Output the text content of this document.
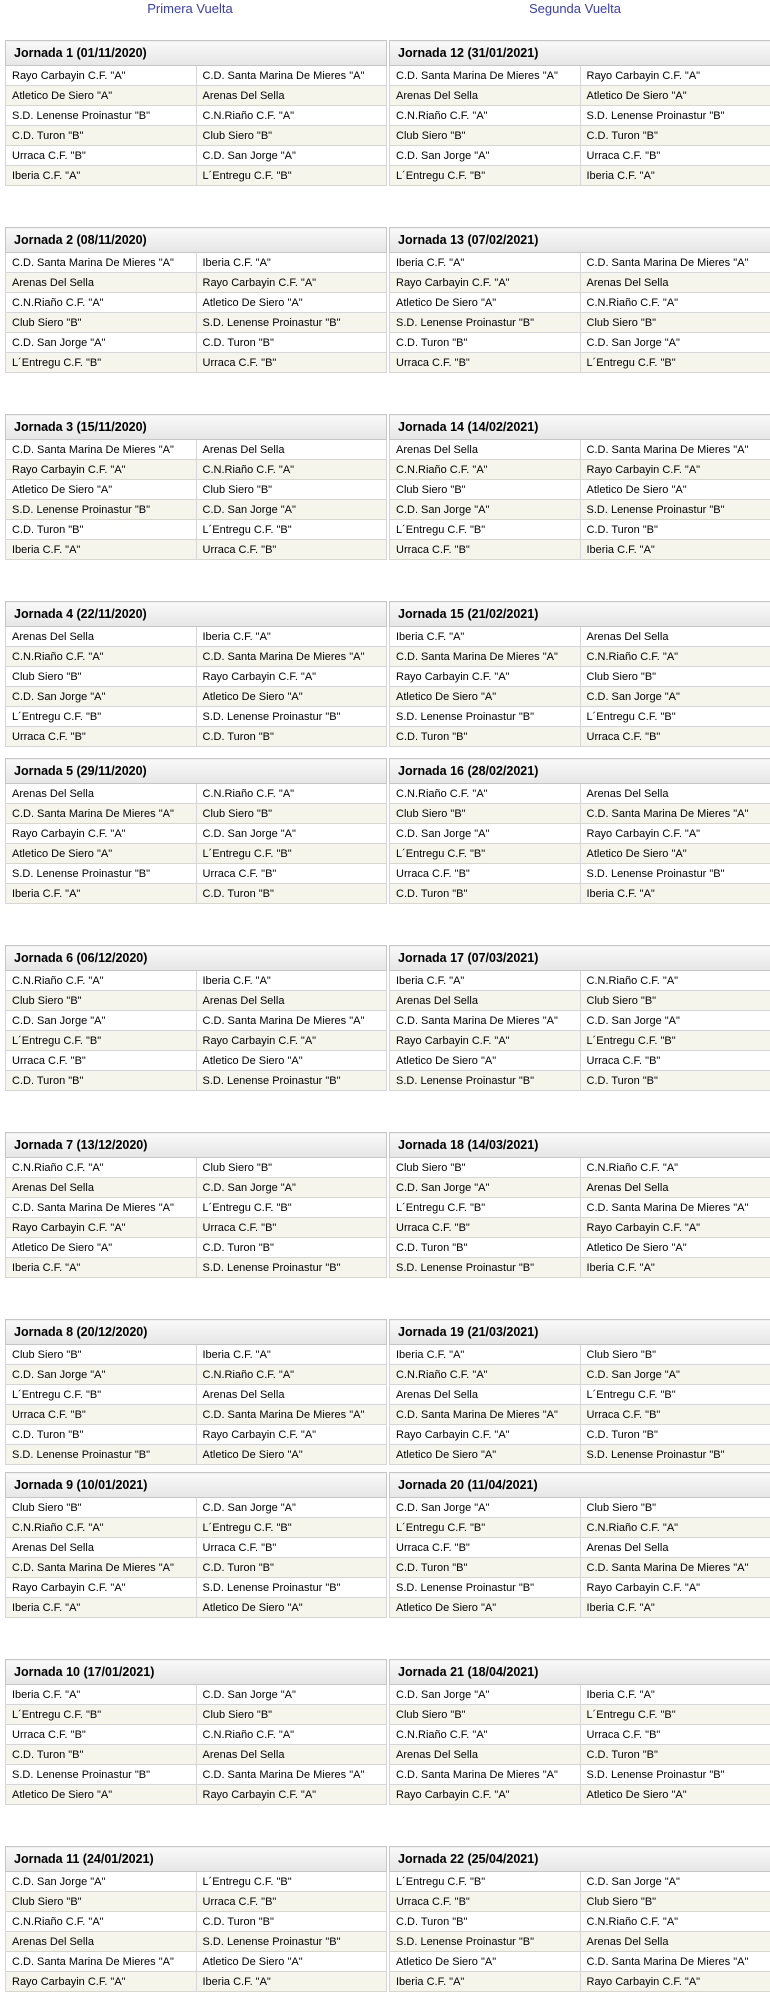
Primera Vuelta	Segunda Vuelta
Jornada 1 (01/11/2020)	
Rayo Carbayin C.F. "A"	C.D. Santa Marina De Mieres "A"
Atletico De Siero "A"	Arenas Del Sella
S.D. Lenense Proinastur "B"	C.N.Riaño C.F. "A"
C.D. Turon "B"	Club Siero "B"
Urraca C.F. "B"	C.D. San Jorge "A"
Iberia C.F. "A"	L´Entregu C.F. "B"
Jornada 12 (31/01/2021)	
C.D. Santa Marina De Mieres "A"	Rayo Carbayin C.F. "A"
Arenas Del Sella	Atletico De Siero "A"
C.N.Riaño C.F. "A"	S.D. Lenense Proinastur "B"
Club Siero "B"	C.D. Turon "B"
C.D. San Jorge "A"	Urraca C.F. "B"
L´Entregu C.F. "B"	Iberia C.F. "A"
Jornada 2 (08/11/2020)	
C.D. Santa Marina De Mieres "A"	Iberia C.F. "A"
Arenas Del Sella	Rayo Carbayin C.F. "A"
C.N.Riaño C.F. "A"	Atletico De Siero "A"
Club Siero "B"	S.D. Lenense Proinastur "B"
C.D. San Jorge "A"	C.D. Turon "B"
L´Entregu C.F. "B"	Urraca C.F. "B"
Jornada 13 (07/02/2021)	
Iberia C.F. "A"	C.D. Santa Marina De Mieres "A"
Rayo Carbayin C.F. "A"	Arenas Del Sella
Atletico De Siero "A"	C.N.Riaño C.F. "A"
S.D. Lenense Proinastur "B"	Club Siero "B"
C.D. Turon "B"	C.D. San Jorge "A"
Urraca C.F. "B"	L´Entregu C.F. "B"
Jornada 3 (15/11/2020)	
C.D. Santa Marina De Mieres "A"	Arenas Del Sella
Rayo Carbayin C.F. "A"	C.N.Riaño C.F. "A"
Atletico De Siero "A"	Club Siero "B"
S.D. Lenense Proinastur "B"	C.D. San Jorge "A"
C.D. Turon "B"	L´Entregu C.F. "B"
Iberia C.F. "A"	Urraca C.F. "B"
Jornada 14 (14/02/2021)	
Arenas Del Sella	C.D. Santa Marina De Mieres "A"
C.N.Riaño C.F. "A"	Rayo Carbayin C.F. "A"
Club Siero "B"	Atletico De Siero "A"
C.D. San Jorge "A"	S.D. Lenense Proinastur "B"
L´Entregu C.F. "B"	C.D. Turon "B"
Urraca C.F. "B"	Iberia C.F. "A"
Jornada 4 (22/11/2020)	
Arenas Del Sella	Iberia C.F. "A"
C.N.Riaño C.F. "A"	C.D. Santa Marina De Mieres "A"
Club Siero "B"	Rayo Carbayin C.F. "A"
C.D. San Jorge "A"	Atletico De Siero "A"
L´Entregu C.F. "B"	S.D. Lenense Proinastur "B"
Urraca C.F. "B"	C.D. Turon "B"
Jornada 15 (21/02/2021)	
Iberia C.F. "A"	Arenas Del Sella
C.D. Santa Marina De Mieres "A"	C.N.Riaño C.F. "A"
Rayo Carbayin C.F. "A"	Club Siero "B"
Atletico De Siero "A"	C.D. San Jorge "A"
S.D. Lenense Proinastur "B"	L´Entregu C.F. "B"
C.D. Turon "B"	Urraca C.F. "B"
Jornada 5 (29/11/2020)	
Arenas Del Sella	C.N.Riaño C.F. "A"
C.D. Santa Marina De Mieres "A"	Club Siero "B"
Rayo Carbayin C.F. "A"	C.D. San Jorge "A"
Atletico De Siero "A"	L´Entregu C.F. "B"
S.D. Lenense Proinastur "B"	Urraca C.F. "B"
Iberia C.F. "A"	C.D. Turon "B"
Jornada 16 (28/02/2021)	
C.N.Riaño C.F. "A"	Arenas Del Sella
Club Siero "B"	C.D. Santa Marina De Mieres "A"
C.D. San Jorge "A"	Rayo Carbayin C.F. "A"
L´Entregu C.F. "B"	Atletico De Siero "A"
Urraca C.F. "B"	S.D. Lenense Proinastur "B"
C.D. Turon "B"	Iberia C.F. "A"
Jornada 6 (06/12/2020)	
C.N.Riaño C.F. "A"	Iberia C.F. "A"
Club Siero "B"	Arenas Del Sella
C.D. San Jorge "A"	C.D. Santa Marina De Mieres "A"
L´Entregu C.F. "B"	Rayo Carbayin C.F. "A"
Urraca C.F. "B"	Atletico De Siero "A"
C.D. Turon "B"	S.D. Lenense Proinastur "B"
Jornada 17 (07/03/2021)	
Iberia C.F. "A"	C.N.Riaño C.F. "A"
Arenas Del Sella	Club Siero "B"
C.D. Santa Marina De Mieres "A"	C.D. San Jorge "A"
Rayo Carbayin C.F. "A"	L´Entregu C.F. "B"
Atletico De Siero "A"	Urraca C.F. "B"
S.D. Lenense Proinastur "B"	C.D. Turon "B"
Jornada 7 (13/12/2020)	
C.N.Riaño C.F. "A"	Club Siero "B"
Arenas Del Sella	C.D. San Jorge "A"
C.D. Santa Marina De Mieres "A"	L´Entregu C.F. "B"
Rayo Carbayin C.F. "A"	Urraca C.F. "B"
Atletico De Siero "A"	C.D. Turon "B"
Iberia C.F. "A"	S.D. Lenense Proinastur "B"
Jornada 18 (14/03/2021)	
Club Siero "B"	C.N.Riaño C.F. "A"
C.D. San Jorge "A"	Arenas Del Sella
L´Entregu C.F. "B"	C.D. Santa Marina De Mieres "A"
Urraca C.F. "B"	Rayo Carbayin C.F. "A"
C.D. Turon "B"	Atletico De Siero "A"
S.D. Lenense Proinastur "B"	Iberia C.F. "A"
Jornada 8 (20/12/2020)	
Club Siero "B"	Iberia C.F. "A"
C.D. San Jorge "A"	C.N.Riaño C.F. "A"
L´Entregu C.F. "B"	Arenas Del Sella
Urraca C.F. "B"	C.D. Santa Marina De Mieres "A"
C.D. Turon "B"	Rayo Carbayin C.F. "A"
S.D. Lenense Proinastur "B"	Atletico De Siero "A"
Jornada 19 (21/03/2021)	
Iberia C.F. "A"	Club Siero "B"
C.N.Riaño C.F. "A"	C.D. San Jorge "A"
Arenas Del Sella	L´Entregu C.F. "B"
C.D. Santa Marina De Mieres "A"	Urraca C.F. "B"
Rayo Carbayin C.F. "A"	C.D. Turon "B"
Atletico De Siero "A"	S.D. Lenense Proinastur "B"
Jornada 9 (10/01/2021)	
Club Siero "B"	C.D. San Jorge "A"
C.N.Riaño C.F. "A"	L´Entregu C.F. "B"
Arenas Del Sella	Urraca C.F. "B"
C.D. Santa Marina De Mieres "A"	C.D. Turon "B"
Rayo Carbayin C.F. "A"	S.D. Lenense Proinastur "B"
Iberia C.F. "A"	Atletico De Siero "A"
Jornada 20 (11/04/2021)	
C.D. San Jorge "A"	Club Siero "B"
L´Entregu C.F. "B"	C.N.Riaño C.F. "A"
Urraca C.F. "B"	Arenas Del Sella
C.D. Turon "B"	C.D. Santa Marina De Mieres "A"
S.D. Lenense Proinastur "B"	Rayo Carbayin C.F. "A"
Atletico De Siero "A"	Iberia C.F. "A"
Jornada 10 (17/01/2021)	
Iberia C.F. "A"	C.D. San Jorge "A"
L´Entregu C.F. "B"	Club Siero "B"
Urraca C.F. "B"	C.N.Riaño C.F. "A"
C.D. Turon "B"	Arenas Del Sella
S.D. Lenense Proinastur "B"	C.D. Santa Marina De Mieres "A"
Atletico De Siero "A"	Rayo Carbayin C.F. "A"
Jornada 21 (18/04/2021)	
C.D. San Jorge "A"	Iberia C.F. "A"
Club Siero "B"	L´Entregu C.F. "B"
C.N.Riaño C.F. "A"	Urraca C.F. "B"
Arenas Del Sella	C.D. Turon "B"
C.D. Santa Marina De Mieres "A"	S.D. Lenense Proinastur "B"
Rayo Carbayin C.F. "A"	Atletico De Siero "A"
Jornada 11 (24/01/2021)	
C.D. San Jorge "A"	L´Entregu C.F. "B"
Club Siero "B"	Urraca C.F. "B"
C.N.Riaño C.F. "A"	C.D. Turon "B"
Arenas Del Sella	S.D. Lenense Proinastur "B"
C.D. Santa Marina De Mieres "A"	Atletico De Siero "A"
Rayo Carbayin C.F. "A"	Iberia C.F. "A"
Jornada 22 (25/04/2021)	
L´Entregu C.F. "B"	C.D. San Jorge "A"
Urraca C.F. "B"	Club Siero "B"
C.D. Turon "B"	C.N.Riaño C.F. "A"
S.D. Lenense Proinastur "B"	Arenas Del Sella
Atletico De Siero "A"	C.D. Santa Marina De Mieres "A"
Iberia C.F. "A"	Rayo Carbayin C.F. "A"
